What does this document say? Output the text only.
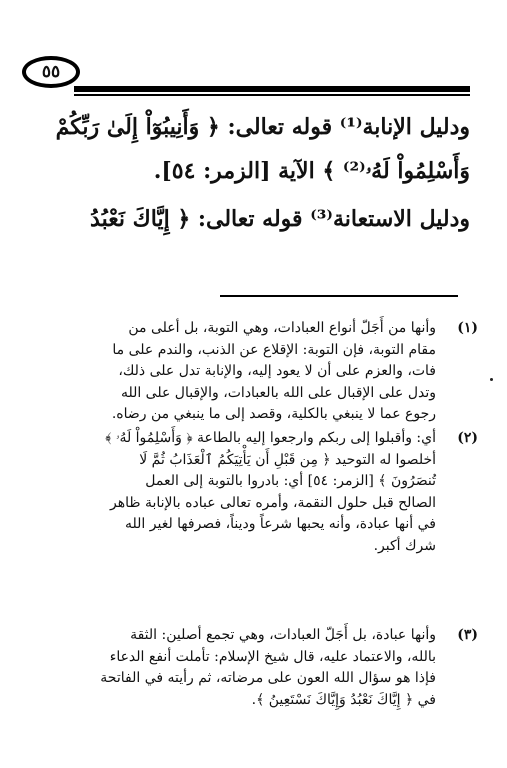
٥٥
ودليل الإنابة⁽¹⁾ قوله تعالى: ﴿ وَأَنِيبُوٓاْ إِلَىٰ رَبِّكُمْ
وَأَسْلِمُواْ لَهُۥ⁽²⁾ ﴾ الآية [الزمر: ٥٤].
ودليل الاستعانة⁽³⁾ قوله تعالى: ﴿ إِيَّاكَ نَعْبُدُ
(١)
وأنها من أَجَلّ أنواع العبادات، وهي التوبة، بل أعلى من
مقام التوبة، فإن التوبة: الإقلاع عن الذنب، والندم على ما
فات، والعزم على أن لا يعود إليه، والإنابة تدل على ذلك،
وتدل على الإقبال على الله بالعبادات، والإقبال على الله
رجوع عما لا ينبغي بالكلية، وقصد إلى ما ينبغي من رضاه.
(٢)
أي: وأقبلوا إلى ربكم وارجعوا إليه بالطاعة ﴿ وَأَسْلِمُواْ لَهُۥ ﴾
أخلصوا له التوحيد ﴿ مِن قَبْلِ أَن يَأْتِيَكُمُ ٱلْعَذَابُ ثُمَّ لَا
تُنصَرُونَ ﴾ [الزمر: ٥٤] أي: بادروا بالتوبة إلى العمل
الصالح قبل حلول النقمة، وأمره تعالى عباده بالإنابة ظاهر
في أنها عبادة، وأنه يحبها شرعاً وديناً، فصرفها لغير الله
شرك أكبر.
(٣)
وأنها عبادة، بل أَجَلّ العبادات، وهي تجمع أصلين: الثقة
بالله، والاعتماد عليه، قال شيخ الإسلام: تأملت أنفع الدعاء
فإذا هو سؤال الله العون على مرضاته، ثم رأيته في الفاتحة
في ﴿ إِيَّاكَ نَعْبُدُ وَإِيَّاكَ نَسْتَعِينُ ﴾.
